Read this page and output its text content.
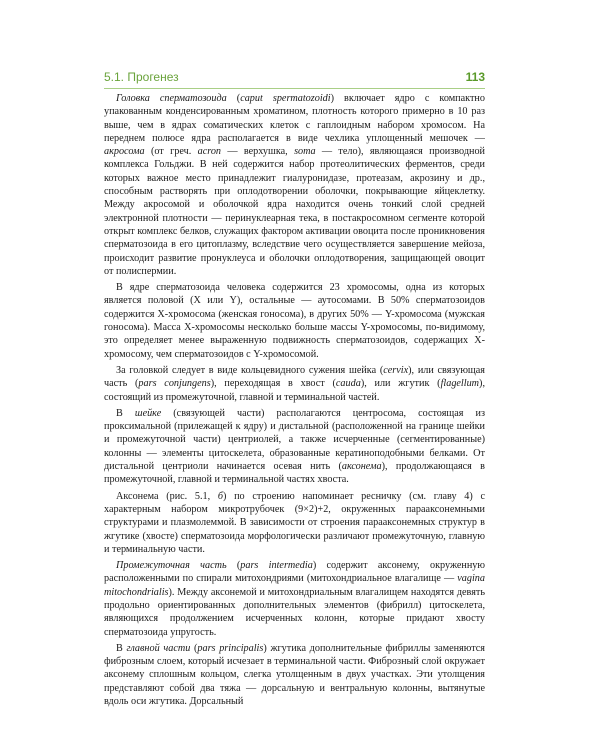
5.1. Прогенез	113

Головка сперматозоида (caput spermatozoidi) включает ядро с компактно упакованным конденсированным хроматином, плотность которого примерно в 10 раз выше, чем в ядрах соматических клеток с гаплоидным набором хромосом. На переднем полюсе ядра располагается в виде чехлика уплощенный мешочек — акросома (от греч. acron — верхушка, soma — тело), являющаяся производной комплекса Гольджи. В ней содержится набор протеолитических ферментов, среди которых важное место принадлежит гиалуронидазе, протеазам, акрозину и др., способным растворять при оплодотворении оболочки, покрывающие яйцеклетку. Между акросомой и оболочкой ядра находится очень тонкий слой средней электронной плотности — перинуклеарная тека, в постакросомном сегменте которой открыт комплекс белков, служащих фактором активации овоцита после проникновения сперматозоида в его цитоплазму, вследствие чего осуществляется завершение мейоза, происходит развитие пронуклеуса и оболочки оплодотворения, защищающей овоцит от полиспермии.

В ядре сперматозоида человека содержится 23 хромосомы, одна из которых является половой (X или Y), остальные — аутосомами. В 50% сперматозоидов содержится X-хромосома (женская гоносома), в других 50% — Y-хромосома (мужская гоносома). Масса X-хромосомы несколько больше массы Y-хромосомы, по-видимому, это определяет менее выраженную подвижность сперматозоидов, содержащих X-хромосому, чем сперматозоидов с Y-хромосомой.

За головкой следует в виде кольцевидного сужения шейка (cervix), или связующая часть (pars conjungens), переходящая в хвост (cauda), или жгутик (flagellum), состоящий из промежуточной, главной и терминальной частей.

В шейке (связующей части) располагаются центросома, состоящая из проксимальной (прилежащей к ядру) и дистальной (расположенной на границе шейки и промежуточной части) центриолей, а также исчерченные (сегментированные) колонны — элементы цитоскелета, образованные кератиноподобными белками. От дистальной центриоли начинается осевая нить (аксонема), продолжающаяся в промежуточной, главной и терминальной частях хвоста.

Аксонема (рис. 5.1, б) по строению напоминает ресничку (см. главу 4) с характерным набором микротрубочек (9×2)+2, окруженных парааксонемными структурами и плазмолеммой. В зависимости от строения парааксонемных структур в жгутике (хвосте) сперматозоида морфологически различают промежуточную, главную и терминальную части.

Промежуточная часть (pars intermedia) содержит аксонему, окруженную расположенными по спирали митохондриями (митохондриальное влагалище — vagina mitochondrialis). Между аксонемой и митохондриальным влагалищем находятся девять продольно ориентированных дополнительных элементов (фибрилл) цитоскелета, являющихся продолжением исчерченных колонн, которые придают хвосту сперматозоида упругость.

В главной части (pars principalis) жгутика дополнительные фибриллы заменяются фиброзным слоем, который исчезает в терминальной части. Фиброзный слой окружает аксонему сплошным кольцом, слегка утолщенным в двух участках. Эти утолщения представляют собой два тяжа — дорсальную и вентральную колонны, вытянутые вдоль оси жгутика. Дорсальный
